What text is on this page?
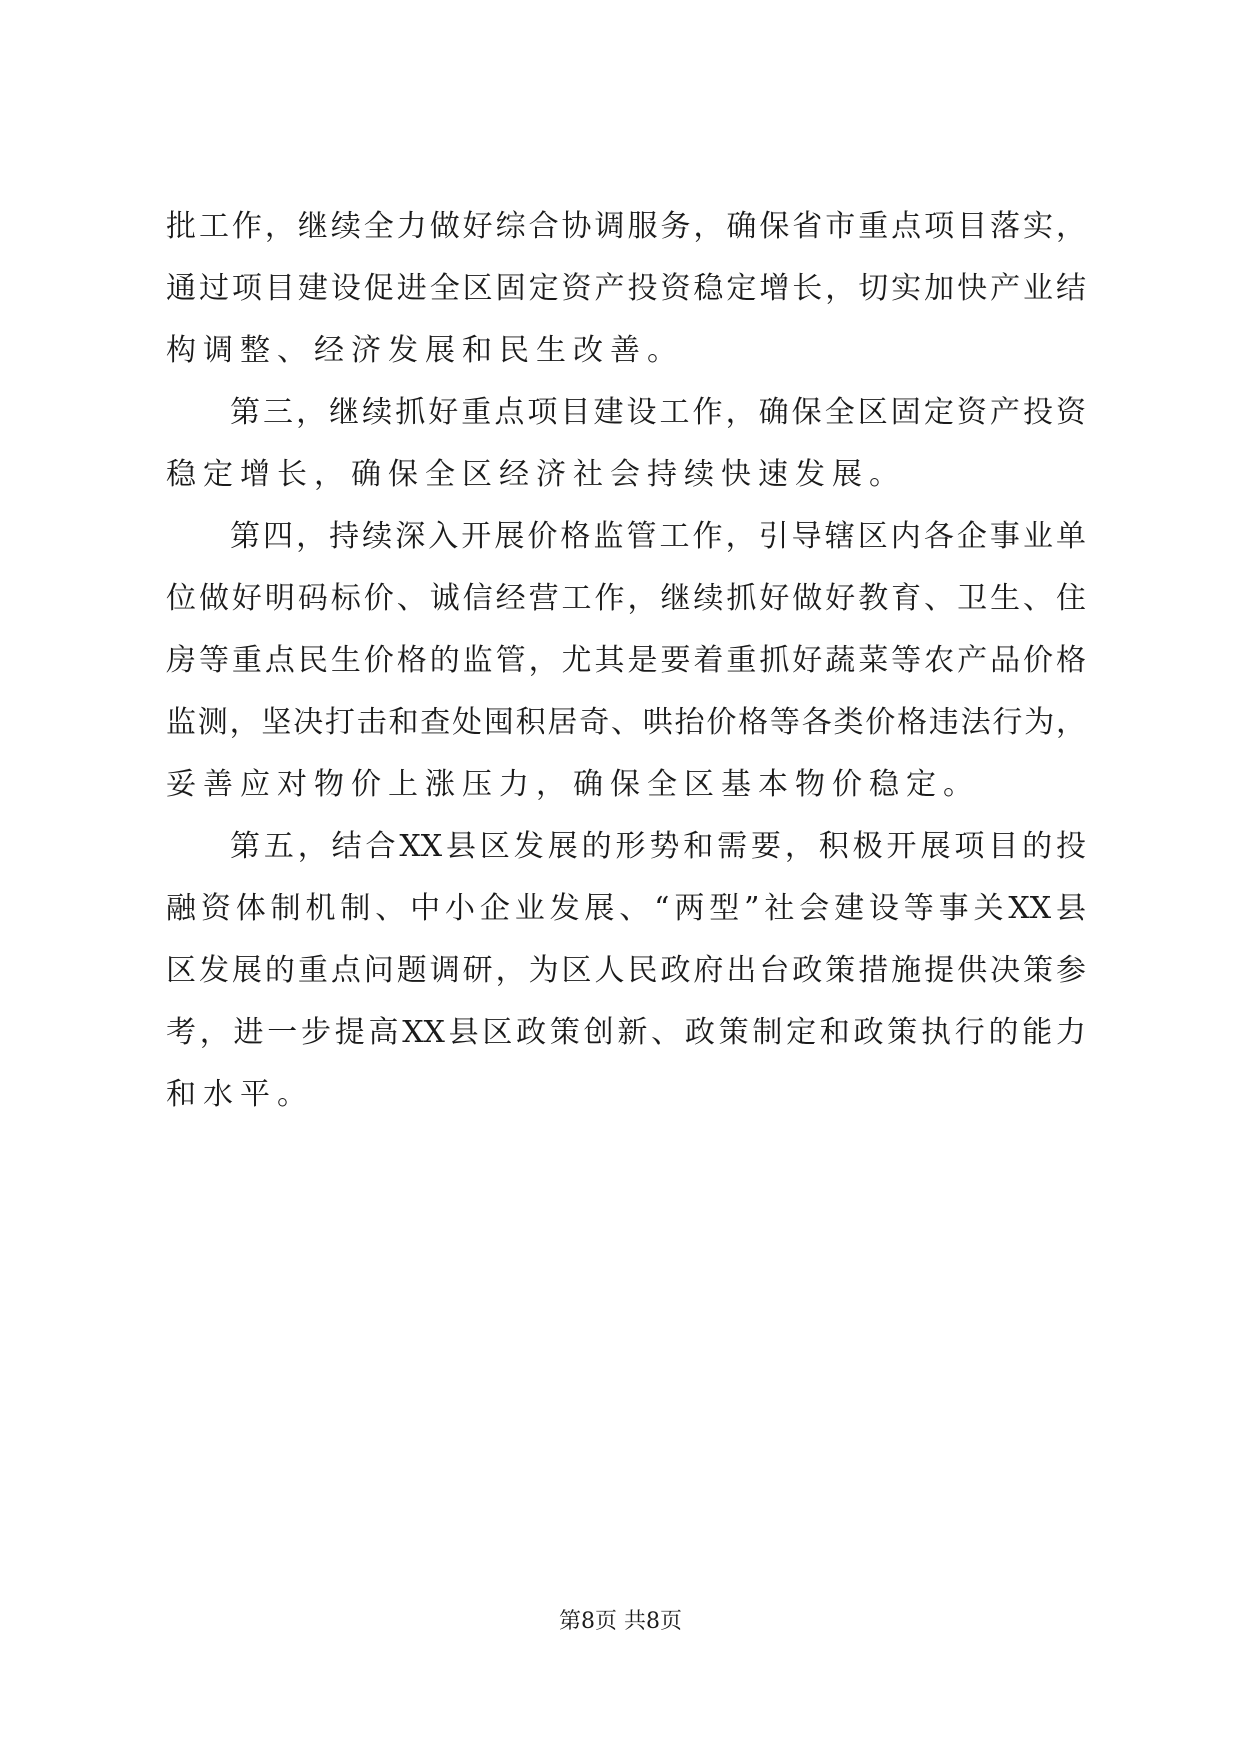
批工作，继续全力做好综合协调服务，确保省市重点项目落实，
通过项目建设促进全区固定资产投资稳定增长，切实加快产业结
构调整、经济发展和民生改善。
第三，继续抓好重点项目建设工作，确保全区固定资产投资
稳定增长，确保全区经济社会持续快速发展。
第四，持续深入开展价格监管工作，引导辖区内各企事业单
位做好明码标价、诚信经营工作，继续抓好做好教育、卫生、住
房等重点民生价格的监管，尤其是要着重抓好蔬菜等农产品价格
监测，坚决打击和查处囤积居奇、哄抬价格等各类价格违法行为，
妥善应对物价上涨压力，确保全区基本物价稳定。
第五，结合XX县区发展的形势和需要，积极开展项目的投
融资体制机制、中小企业发展、“两型”社会建设等事关XX县
区发展的重点问题调研，为区人民政府出台政策措施提供决策参
考，进一步提高XX县区政策创新、政策制定和政策执行的能力
和水平。
第8页 共8页
